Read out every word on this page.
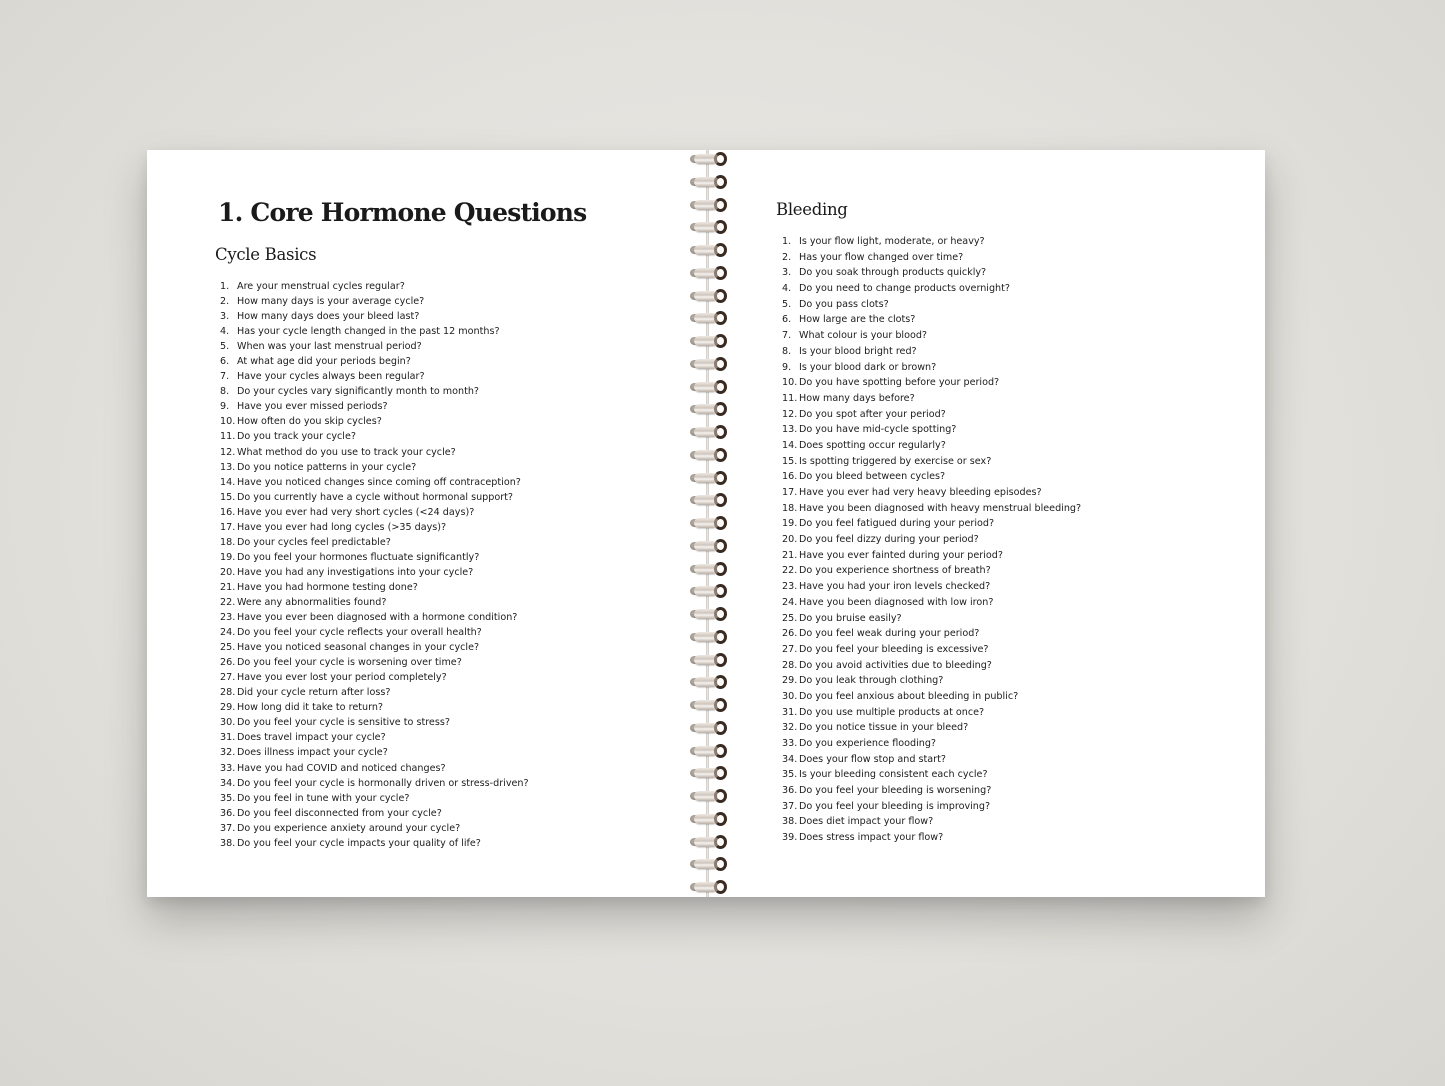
1. Core Hormone Questions
Cycle Basics
1. Are your menstrual cycles regular?
2. How many days is your average cycle?
3. How many days does your bleed last?
4. Has your cycle length changed in the past 12 months?
5. When was your last menstrual period?
6. At what age did your periods begin?
7. Have your cycles always been regular?
8. Do your cycles vary significantly month to month?
9. Have you ever missed periods?
10. How often do you skip cycles?
11. Do you track your cycle?
12. What method do you use to track your cycle?
13. Do you notice patterns in your cycle?
14. Have you noticed changes since coming off contraception?
15. Do you currently have a cycle without hormonal support?
16. Have you ever had very short cycles (<24 days)?
17. Have you ever had long cycles (>35 days)?
18. Do your cycles feel predictable?
19. Do you feel your hormones fluctuate significantly?
20. Have you had any investigations into your cycle?
21. Have you had hormone testing done?
22. Were any abnormalities found?
23. Have you ever been diagnosed with a hormone condition?
24. Do you feel your cycle reflects your overall health?
25. Have you noticed seasonal changes in your cycle?
26. Do you feel your cycle is worsening over time?
27. Have you ever lost your period completely?
28. Did your cycle return after loss?
29. How long did it take to return?
30. Do you feel your cycle is sensitive to stress?
31. Does travel impact your cycle?
32. Does illness impact your cycle?
33. Have you had COVID and noticed changes?
34. Do you feel your cycle is hormonally driven or stress-driven?
35. Do you feel in tune with your cycle?
36. Do you feel disconnected from your cycle?
37. Do you experience anxiety around your cycle?
38. Do you feel your cycle impacts your quality of life?
Bleeding
1. Is your flow light, moderate, or heavy?
2. Has your flow changed over time?
3. Do you soak through products quickly?
4. Do you need to change products overnight?
5. Do you pass clots?
6. How large are the clots?
7. What colour is your blood?
8. Is your blood bright red?
9. Is your blood dark or brown?
10. Do you have spotting before your period?
11. How many days before?
12. Do you spot after your period?
13. Do you have mid-cycle spotting?
14. Does spotting occur regularly?
15. Is spotting triggered by exercise or sex?
16. Do you bleed between cycles?
17. Have you ever had very heavy bleeding episodes?
18. Have you been diagnosed with heavy menstrual bleeding?
19. Do you feel fatigued during your period?
20. Do you feel dizzy during your period?
21. Have you ever fainted during your period?
22. Do you experience shortness of breath?
23. Have you had your iron levels checked?
24. Have you been diagnosed with low iron?
25. Do you bruise easily?
26. Do you feel weak during your period?
27. Do you feel your bleeding is excessive?
28. Do you avoid activities due to bleeding?
29. Do you leak through clothing?
30. Do you feel anxious about bleeding in public?
31. Do you use multiple products at once?
32. Do you notice tissue in your bleed?
33. Do you experience flooding?
34. Does your flow stop and start?
35. Is your bleeding consistent each cycle?
36. Do you feel your bleeding is worsening?
37. Do you feel your bleeding is improving?
38. Does diet impact your flow?
39. Does stress impact your flow?
